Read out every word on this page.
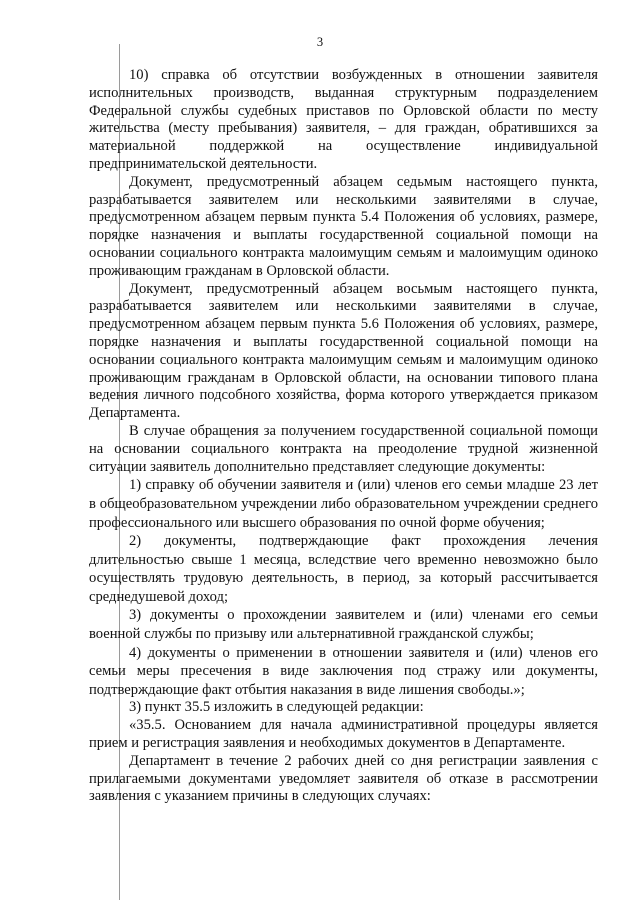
3

10) справка об отсутствии возбужденных в отношении заявителя исполнительных производств, выданная структурным подразделением Федеральной службы судебных приставов по Орловской области по месту жительства (месту пребывания) заявителя, – для граждан, обратившихся за материальной поддержкой на осуществление индивидуальной предпринимательской деятельности.

Документ, предусмотренный абзацем седьмым настоящего пункта, разрабатывается заявителем или несколькими заявителями в случае, предусмотренном абзацем первым пункта 5.4 Положения об условиях, размере, порядке назначения и выплаты государственной социальной помощи на основании социального контракта малоимущим семьям и малоимущим одиноко проживающим гражданам в Орловской области.

Документ, предусмотренный абзацем восьмым настоящего пункта, разрабатывается заявителем или несколькими заявителями в случае, предусмотренном абзацем первым пункта 5.6 Положения об условиях, размере, порядке назначения и выплаты государственной социальной помощи на основании социального контракта малоимущим семьям и малоимущим одиноко проживающим гражданам в Орловской области, на основании типового плана ведения личного подсобного хозяйства, форма которого утверждается приказом Департамента.

В случае обращения за получением государственной социальной помощи на основании социального контракта на преодоление трудной жизненной ситуации заявитель дополнительно представляет следующие документы:

1) справку об обучении заявителя и (или) членов его семьи младше 23 лет в общеобразовательном учреждении либо образовательном учреждении среднего профессионального или высшего образования по очной форме обучения;

2) документы, подтверждающие факт прохождения лечения длительностью свыше 1 месяца, вследствие чего временно невозможно было осуществлять трудовую деятельность, в период, за который рассчитывается среднедушевой доход;

3) документы о прохождении заявителем и (или) членами его семьи военной службы по призыву или альтернативной гражданской службы;

4) документы о применении в отношении заявителя и (или) членов его семьи меры пресечения в виде заключения под стражу или документы, подтверждающие факт отбытия наказания в виде лишения свободы.»;

3) пункт 35.5 изложить в следующей редакции:

«35.5. Основанием для начала административной процедуры является прием и регистрация заявления и необходимых документов в Департаменте.

Департамент в течение 2 рабочих дней со дня регистрации заявления с прилагаемыми документами уведомляет заявителя об отказе в рассмотрении заявления с указанием причины в следующих случаях:
